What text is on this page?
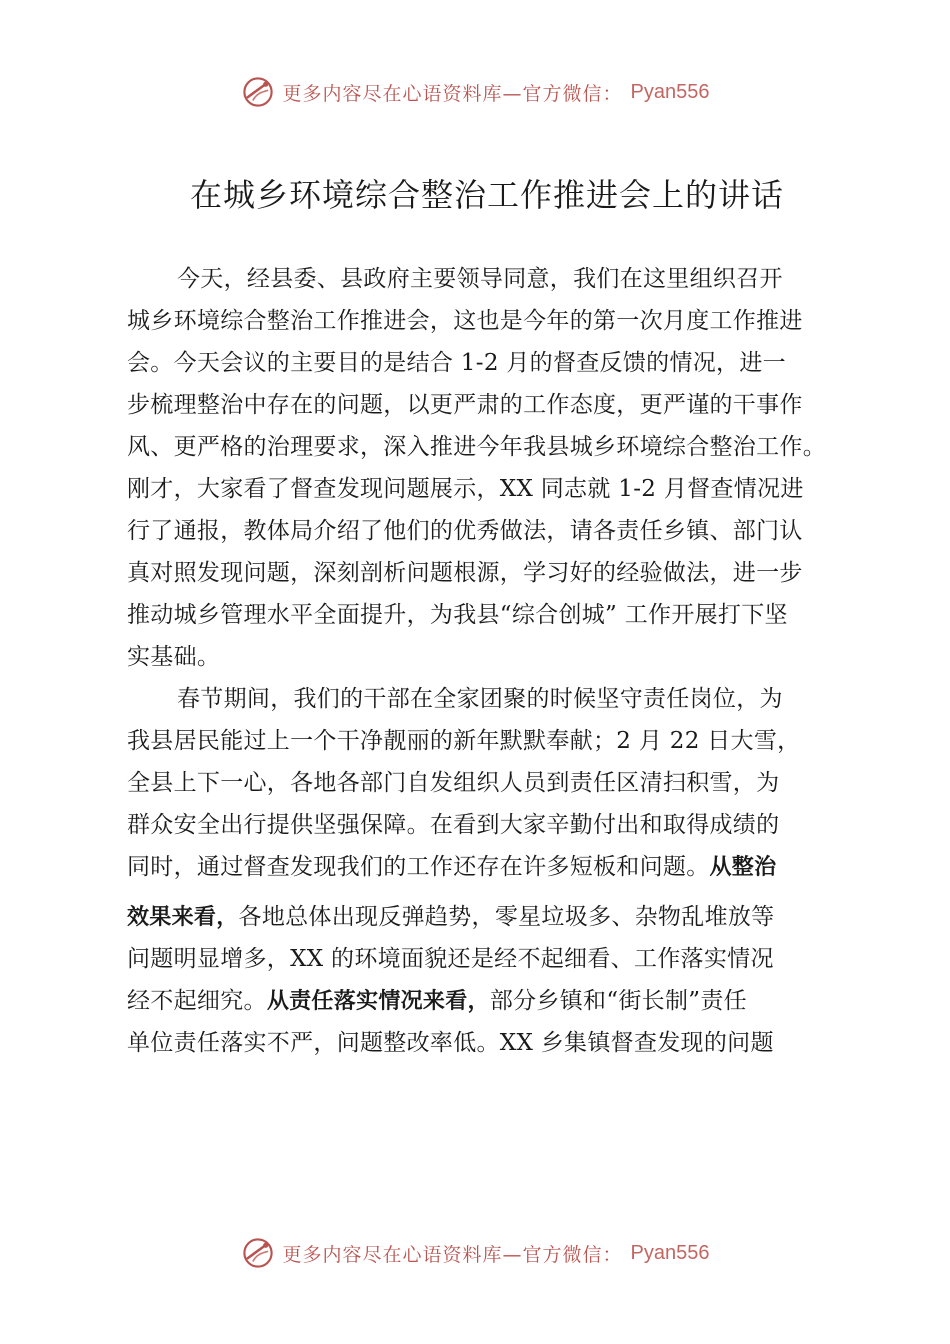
更多内容尽在心语资料库—官方微信： Pyan556
在城乡环境综合整治工作推进会上的讲话
今天，经县委、县政府主要领导同意，我们在这里组织召开
城乡环境综合整治工作推进会，这也是今年的第一次月度工作推进
会。今天会议的主要目的是结合 1-2 月的督查反馈的情况，进一
步梳理整治中存在的问题，以更严肃的工作态度，更严谨的干事作
风、更严格的治理要求，深入推进今年我县城乡环境综合整治工作。
刚才，大家看了督查发现问题展示，XX 同志就 1-2 月督查情况进
行了通报，教体局介绍了他们的优秀做法，请各责任乡镇、部门认
真对照发现问题，深刻剖析问题根源，学习好的经验做法，进一步
推动城乡管理水平全面提升，为我县“综合创城” 工作开展打下坚
实基础。
春节期间，我们的干部在全家团聚的时候坚守责任岗位，为
我县居民能过上一个干净靓丽的新年默默奉献；2 月 22 日大雪，
全县上下一心，各地各部门自发组织人员到责任区清扫积雪，为
群众安全出行提供坚强保障。在看到大家辛勤付出和取得成绩的
同时，通过督查发现我们的工作还存在许多短板和问题。从整治
效果来看，各地总体出现反弹趋势，零星垃圾多、杂物乱堆放等
问题明显增多，XX 的环境面貌还是经不起细看、工作落实情况
经不起细究。从责任落实情况来看，部分乡镇和“街长制”责任
单位责任落实不严，问题整改率低。XX 乡集镇督查发现的问题
更多内容尽在心语资料库—官方微信： Pyan556
